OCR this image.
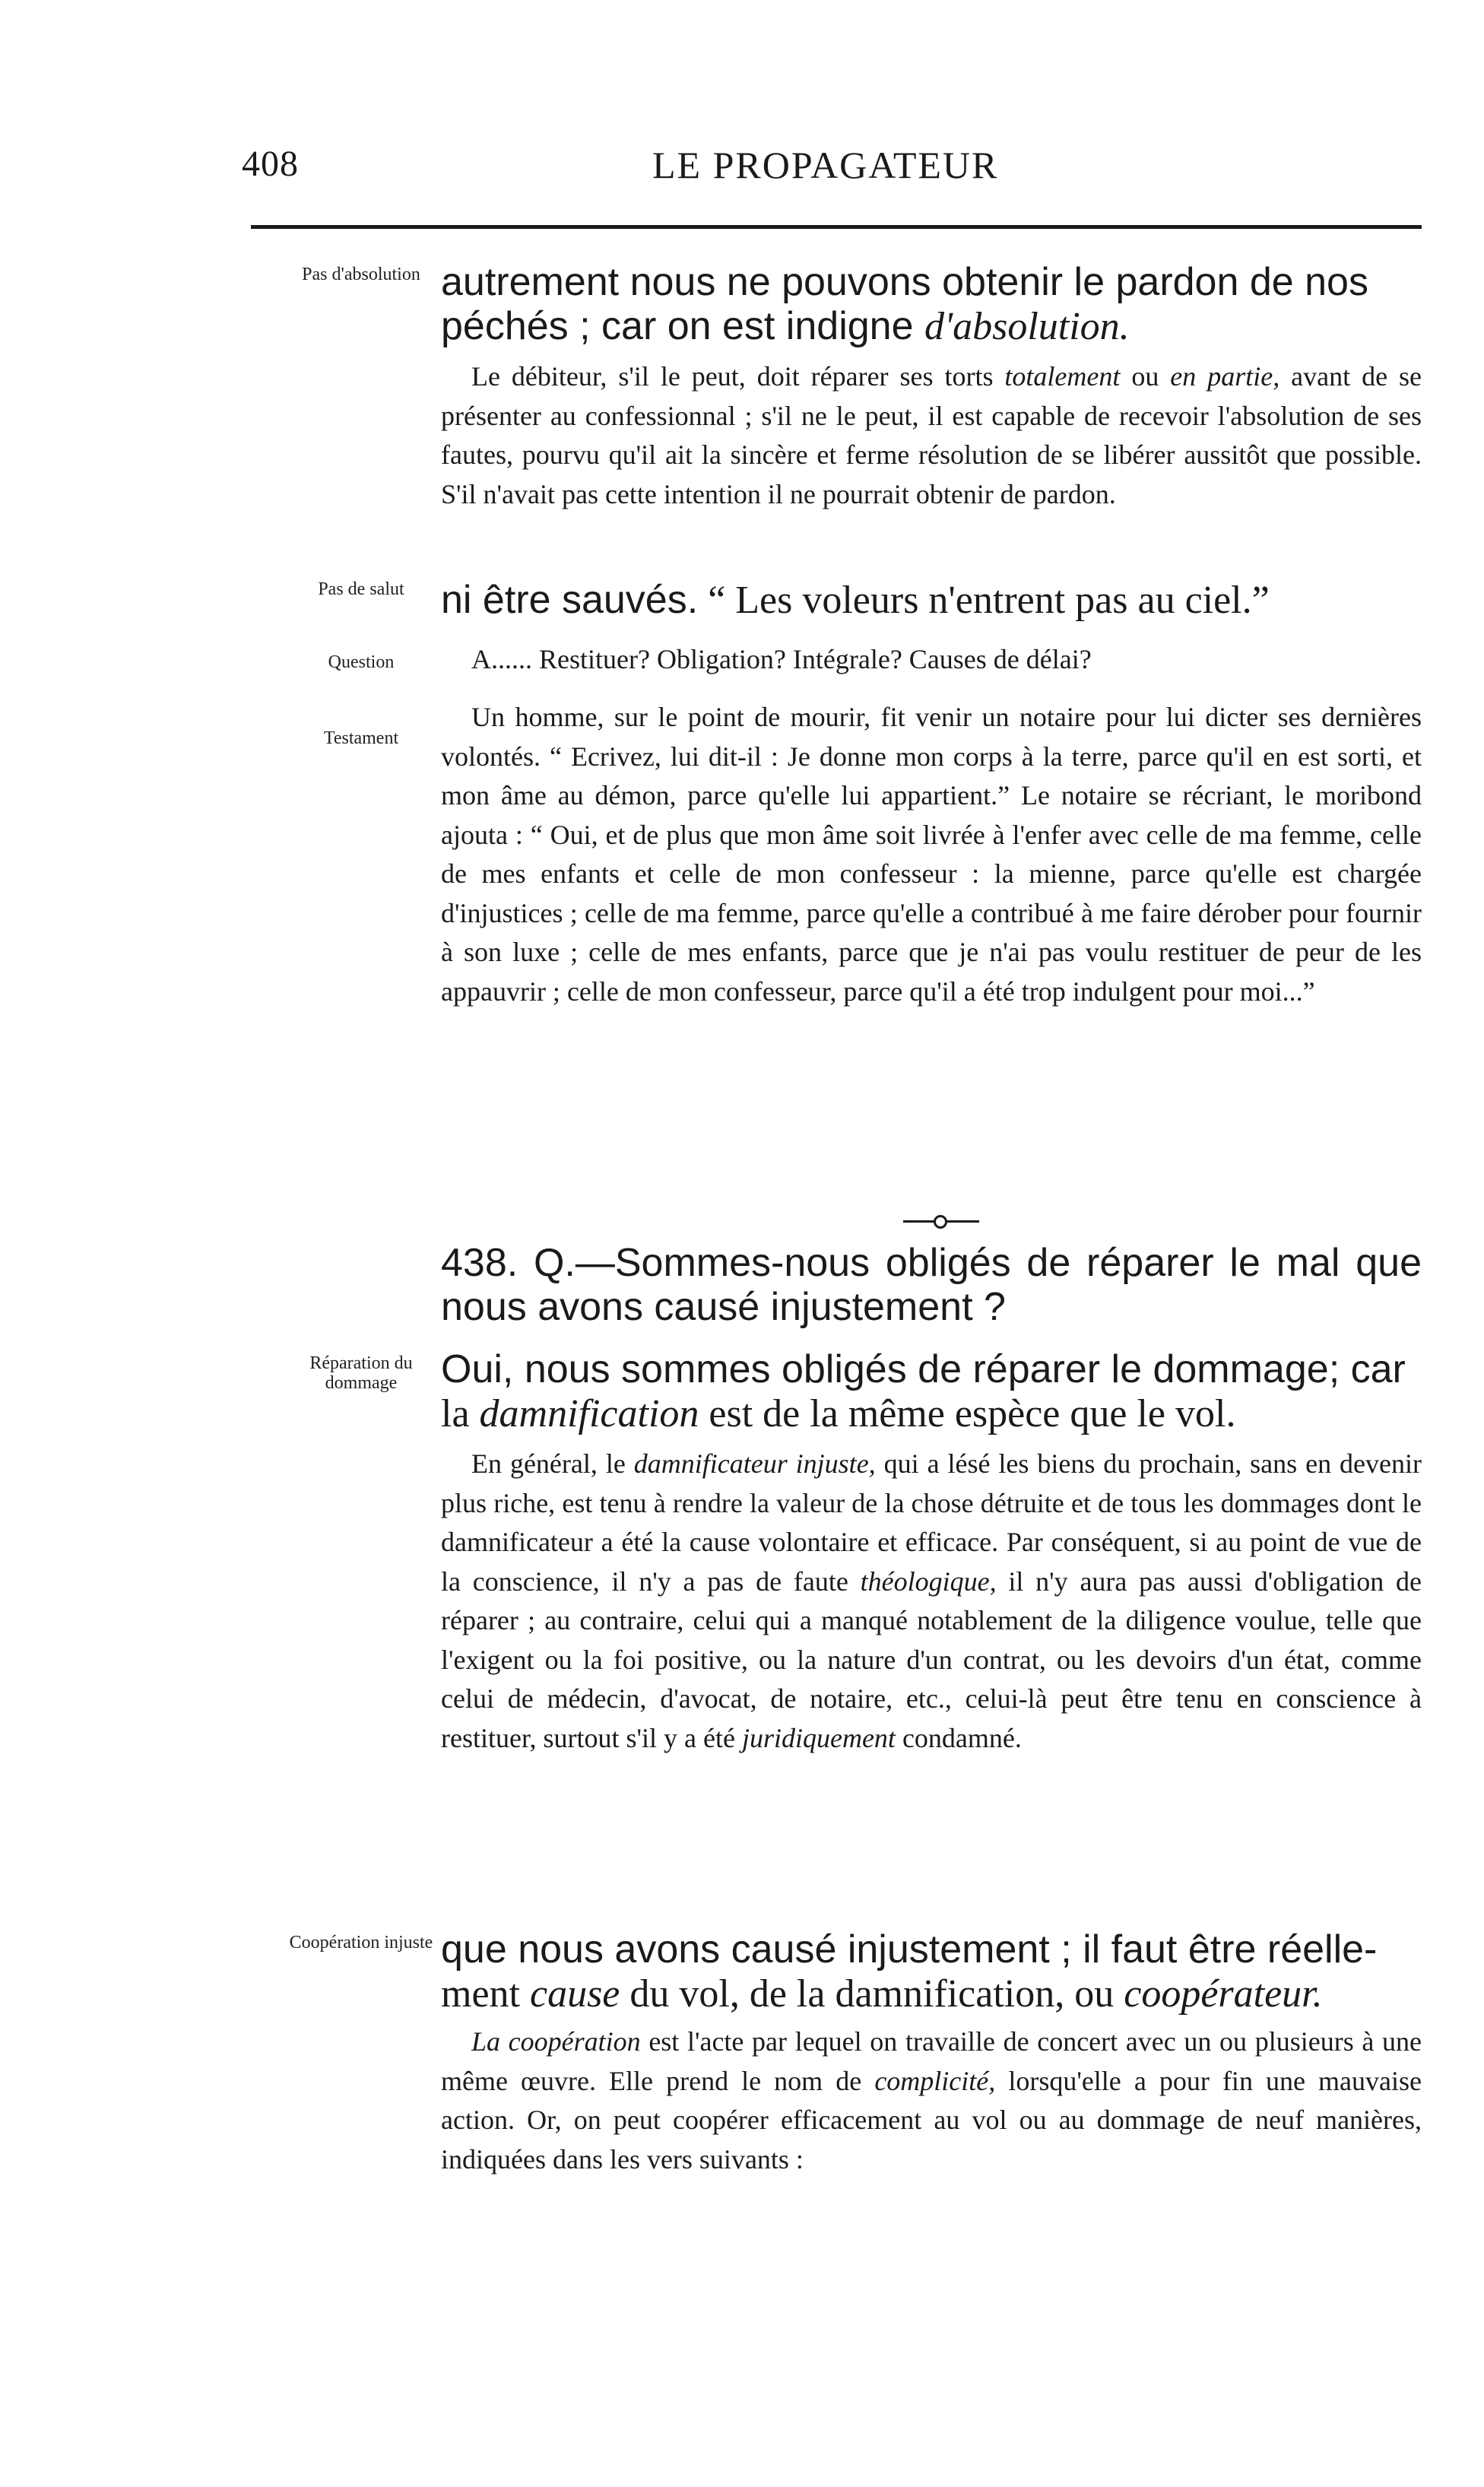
408	LE PROPAGATEUR
Pas d'absolution
Pas de salut
Question
Testament
Réparation du dommage
Coopération injuste
autrement nous ne pouvons obtenir le pardon de nos
péchés ; car on est indigne d'absolution.
Le débiteur, s'il le peut, doit réparer ses torts totalement ou en partie, avant de se présenter au confessionnal ; s'il ne le peut, il est capable de recevoir l'absolution de ses fautes, pourvu qu'il ait la sincère et ferme résolution de se libérer aussitôt que possible. S'il n'avait pas cette intention il ne pourrait obtenir de pardon.
ni être sauvés. “ Les voleurs n'entrent pas au ciel.”
A...... Restituer? Obligation? Intégrale? Causes de délai?
Un homme, sur le point de mourir, fit venir un notaire pour lui dicter ses dernières volontés. “ Ecrivez, lui dit-il : Je donne mon corps à la terre, parce qu'il en est sorti, et mon âme au démon, parce qu'elle lui appartient.” Le notaire se récriant, le moribond ajouta : “ Oui, et de plus que mon âme soit livrée à l'enfer avec celle de ma femme, celle de mes enfants et celle de mon confesseur : la mienne, parce qu'elle est chargée d'injustices ; celle de ma femme, parce qu'elle a contribué à me faire dérober pour fournir à son luxe ; celle de mes enfants, parce que je n'ai pas voulu restituer de peur de les appauvrir ; celle de mon confesseur, parce qu'il a été trop indulgent pour moi...”
438. Q.—Sommes-nous obligés de réparer le mal que nous avons causé injustement ?
Oui, nous sommes obligés de réparer le dommage; car
la damnification est de la même espèce que le vol.
En général, le damnificateur injuste, qui a lésé les biens du prochain, sans en devenir plus riche, est tenu à rendre la valeur de la chose détruite et de tous les dommages dont le damnificateur a été la cause volontaire et efficace. Par conséquent, si au point de vue de la conscience, il n'y a pas de faute théologique, il n'y aura pas aussi d'obligation de réparer ; au contraire, celui qui a manqué notablement de la diligence voulue, telle que l'exigent ou la foi positive, ou la nature d'un contrat, ou les devoirs d'un état, comme celui de médecin, d'avocat, de notaire, etc., celui-là peut être tenu en conscience à restituer, surtout s'il y a été juridiquement condamné.
que nous avons causé injustement ; il faut être réelle-
ment cause du vol, de la damnification, ou coopérateur.
La coopération est l'acte par lequel on travaille de concert avec un ou plusieurs à une même œuvre. Elle prend le nom de complicité, lorsqu'elle a pour fin une mauvaise action. Or, on peut coopérer efficacement au vol ou au dommage de neuf manières, indiquées dans les vers suivants :
